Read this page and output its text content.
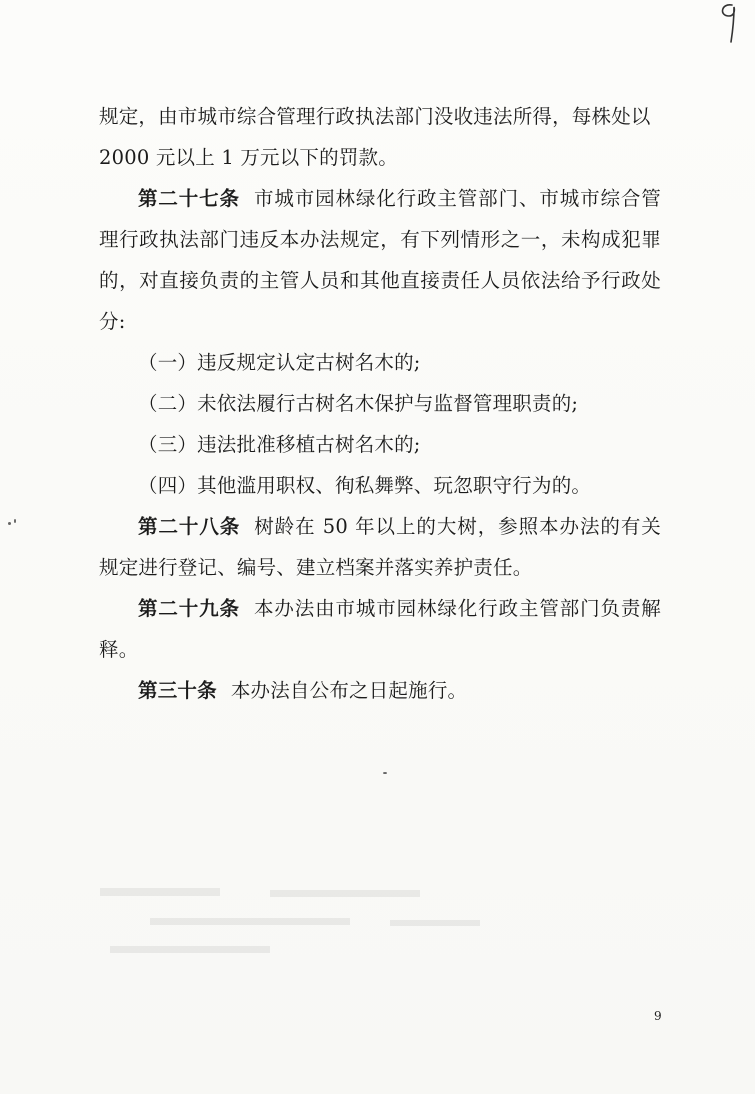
规定，由市城市综合管理行政执法部门没收违法所得，每株处以

2000 元以上 1 万元以下的罚款。

第二十七条 市城市园林绿化行政主管部门、市城市综合管理行政执法部门违反本办法规定，有下列情形之一，未构成犯罪的，对直接负责的主管人员和其他直接责任人员依法给予行政处分:

（一）违反规定认定古树名木的;

（二）未依法履行古树名木保护与监督管理职责的;

（三）违法批准移植古树名木的;

（四）其他滥用职权、徇私舞弊、玩忽职守行为的。

第二十八条 树龄在 50 年以上的大树，参照本办法的有关规定进行登记、编号、建立档案并落实养护责任。

第二十九条 本办法由市城市园林绿化行政主管部门负责解释。

第三十条 本办法自公布之日起施行。

9
